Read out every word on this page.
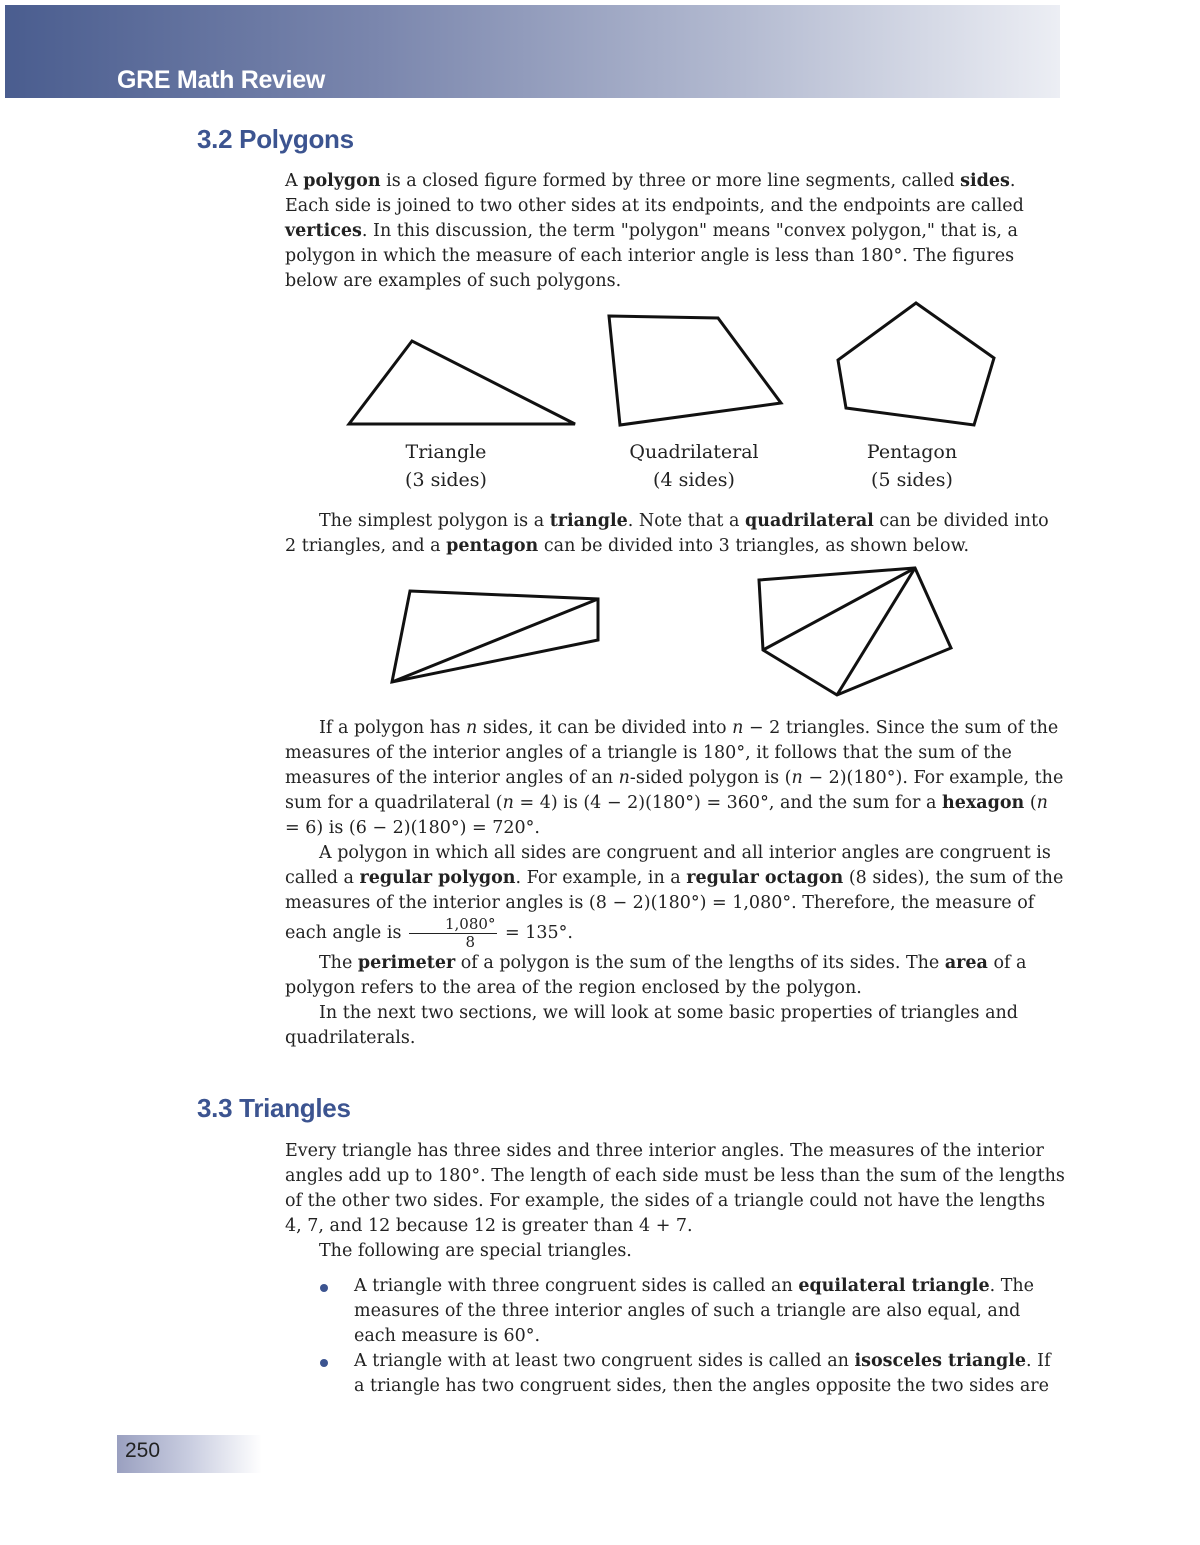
GRE Math Review
3.2 Polygons

A polygon is a closed figure formed by three or more line segments, called sides. Each side is joined to two other sides at its endpoints, and the endpoints are called vertices. In this discussion, the term "polygon" means "convex polygon," that is, a polygon in which the measure of each interior angle is less than 180°. The figures below are examples of such polygons.

Triangle
(3 sides)
Quadrilateral
(4 sides)
Pentagon
(5 sides)

The simplest polygon is a triangle. Note that a quadrilateral can be divided into 2 triangles, and a pentagon can be divided into 3 triangles, as shown below.

If a polygon has n sides, it can be divided into n − 2 triangles. Since the sum of the measures of the interior angles of a triangle is 180°, it follows that the sum of the measures of the interior angles of an n-sided polygon is (n − 2)(180°). For example, the sum for a quadrilateral (n = 4) is (4 − 2)(180°) = 360°, and the sum for a hexagon (n = 6) is (6 − 2)(180°) = 720°.

A polygon in which all sides are congruent and all interior angles are congruent is called a regular polygon. For example, in a regular octagon (8 sides), the sum of the measures of the interior angles is (8 − 2)(180°) = 1,080°. Therefore, the measure of each angle is $\frac{1,080^\circ}{8} = 135^\circ$.

The perimeter of a polygon is the sum of the lengths of its sides. The area of a polygon refers to the area of the region enclosed by the polygon.

In the next two sections, we will look at some basic properties of triangles and quadrilaterals.

3.3 Triangles

Every triangle has three sides and three interior angles. The measures of the interior angles add up to 180°. The length of each side must be less than the sum of the lengths of the other two sides. For example, the sides of a triangle could not have the lengths 4, 7, and 12 because 12 is greater than 4 + 7.

The following are special triangles.

A triangle with three congruent sides is called an equilateral triangle. The measures of the three interior angles of such a triangle are also equal, and each measure is 60°.
A triangle with at least two congruent sides is called an isosceles triangle. If a triangle has two congruent sides, then the angles opposite the two sides are
250
